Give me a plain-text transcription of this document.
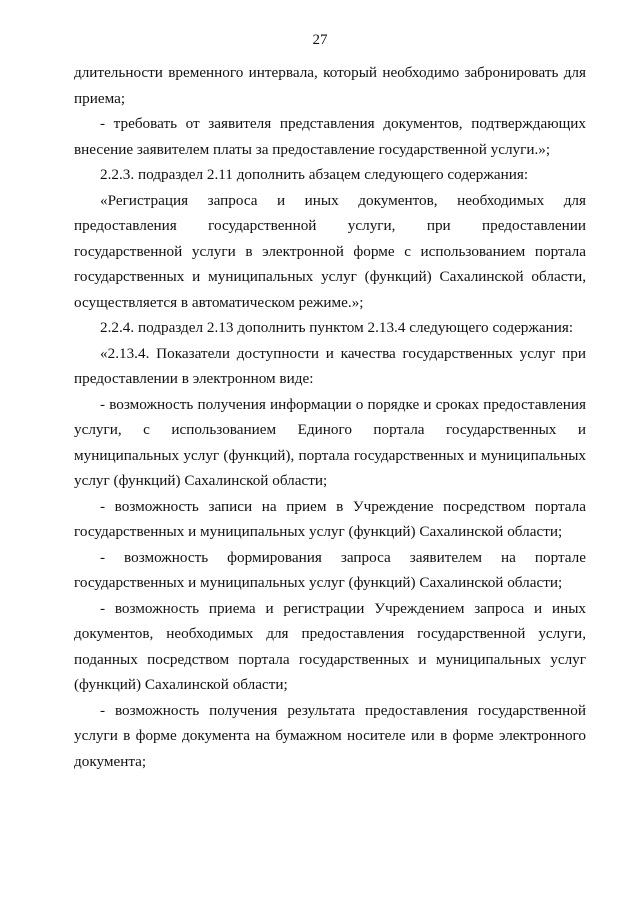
27

длительности временного интервала, который необходимо забронировать для приема;

- требовать от заявителя представления документов, подтверждающих внесение заявителем платы за предоставление государственной услуги.»;

2.2.3. подраздел 2.11 дополнить абзацем следующего содержания:

«Регистрация запроса и иных документов, необходимых для предоставления государственной услуги, при предоставлении государственной услуги в электронной форме с использованием портала государственных и муниципальных услуг (функций) Сахалинской области, осуществляется в автоматическом режиме.»;

2.2.4. подраздел 2.13 дополнить пунктом 2.13.4 следующего содержания:

«2.13.4. Показатели доступности и качества государственных услуг при предоставлении в электронном виде:

- возможность получения информации о порядке и сроках предоставления услуги, с использованием Единого портала государственных и муниципальных услуг (функций), портала государственных и муниципальных услуг (функций) Сахалинской области;

- возможность записи на прием в Учреждение посредством портала государственных и муниципальных услуг (функций) Сахалинской области;

- возможность формирования запроса заявителем на портале государственных и муниципальных услуг (функций) Сахалинской области;

- возможность приема и регистрации Учреждением запроса и иных документов, необходимых для предоставления государственной услуги, поданных посредством портала государственных и муниципальных услуг (функций) Сахалинской области;

- возможность получения результата предоставления государственной услуги в форме документа на бумажном носителе или в форме электронного документа;
